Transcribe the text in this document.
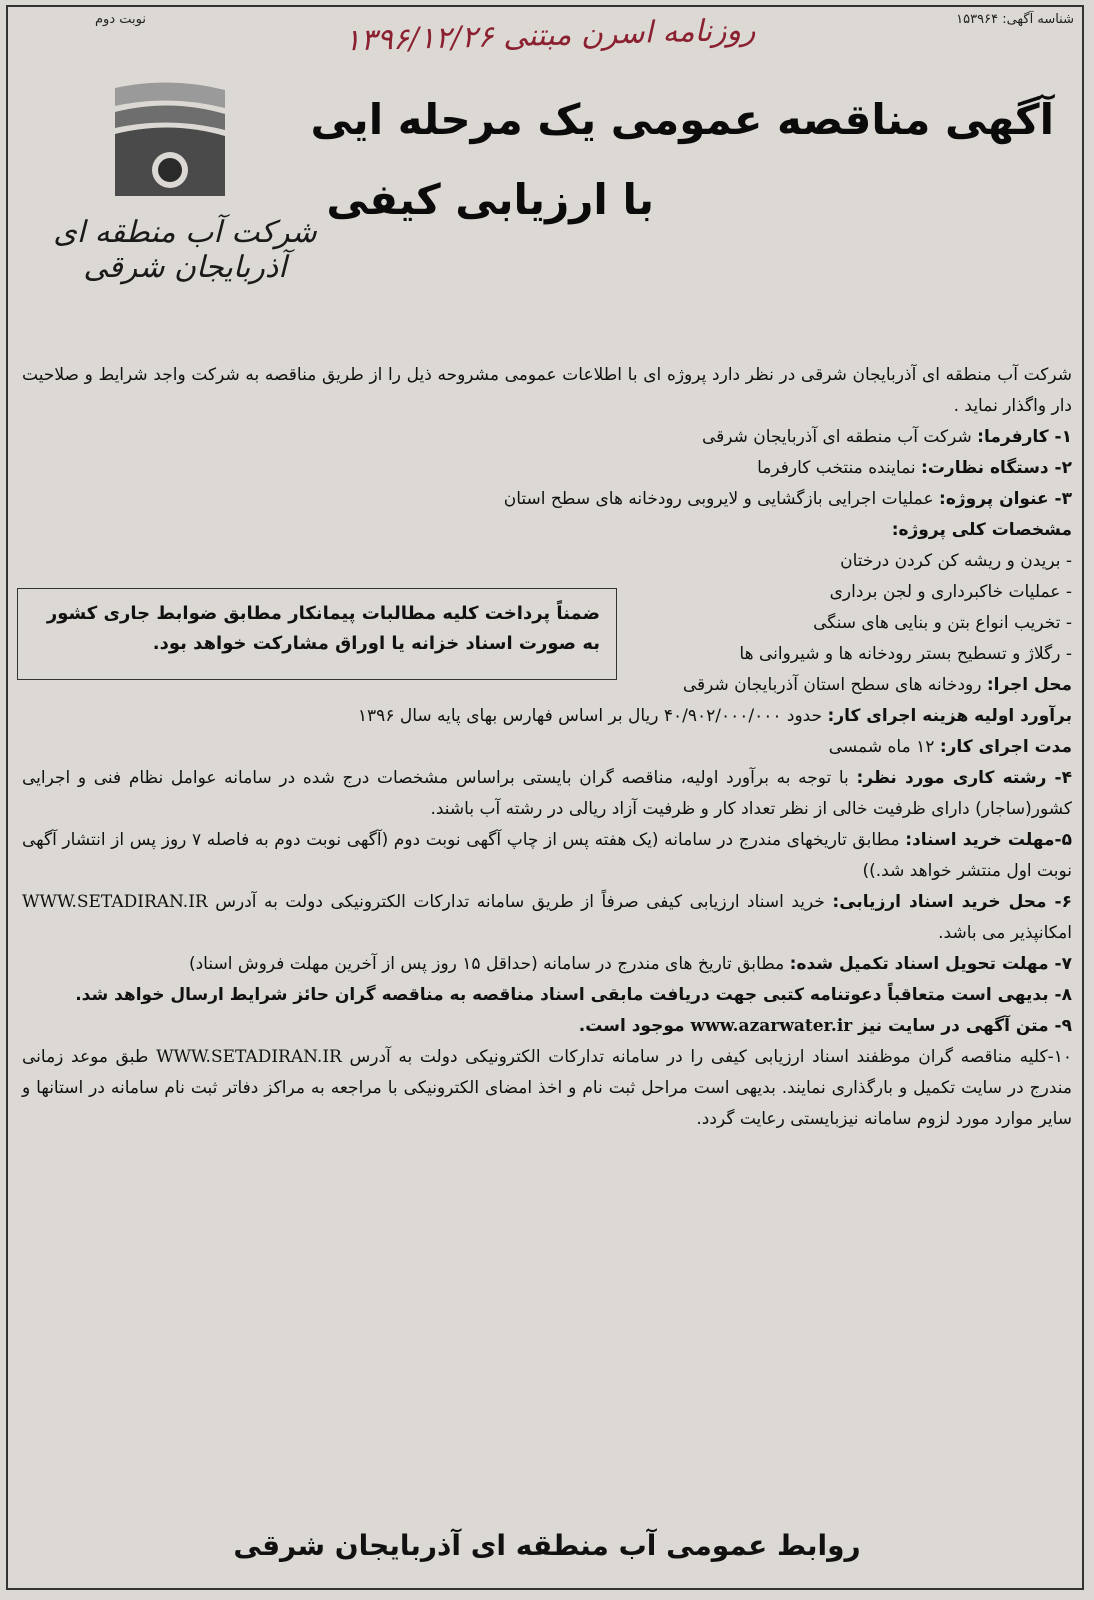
شناسه آگهی: ۱۵۳۹۶۴
نوبت دوم	روزنامه اسرن مبتنی ۱۳۹۶/۱۲/۲۶
آگهی مناقصه عمومی یک مرحله ایی
با ارزیابی کیفی
شرکت آب منطقه ای آذربایجان شرقی

شرکت آب منطقه ای آذربایجان شرقی در نظر دارد پروژه ای با اطلاعات عمومی مشروحه ذیل را از طریق مناقصه به شرکت واجد شرایط و صلاحیت دار واگذار نماید .

۱- کارفرما: شرکت آب منطقه ای آذربایجان شرقی

۲- دستگاه نظارت: نماینده منتخب کارفرما

۳- عنوان پروژه: عملیات اجرایی بازگشایی و لایروبی رودخانه های سطح استان

مشخصات کلی پروژه:

- بریدن و ریشه کن کردن درختان
- عملیات خاکبرداری و لجن برداری
- تخریب انواع بتن و بنایی های سنگی
- رگلاژ و تسطیح بستر رودخانه ها و شیروانی ها

محل اجرا: رودخانه های سطح استان آذربایجان شرقی

برآورد اولیه هزینه اجرای کار: حدود ۴۰/۹۰۲/۰۰۰/۰۰۰ ریال بر اساس فهارس بهای پایه سال ۱۳۹۶

مدت اجرای کار: ۱۲ ماه شمسی

۴- رشته کاری مورد نظر: با توجه به برآورد اولیه، مناقصه گران بایستی براساس مشخصات درج شده در سامانه عوامل نظام فنی و اجرایی کشور(ساجار) دارای ظرفیت خالی از نظر تعداد کار و ظرفیت آزاد ریالی در رشته آب باشند.

۵-مهلت خرید اسناد: مطابق تاریخهای مندرج در سامانه (یک هفته پس از چاپ آگهی نوبت دوم (آگهی نوبت دوم به فاصله ۷ روز پس از انتشار آگهی نوبت اول منتشر خواهد شد.))

۶- محل خرید اسناد ارزیابی: خرید اسناد ارزیابی کیفی صرفاً از طریق سامانه تدارکات الکترونیکی دولت به آدرس WWW.SETADIRAN.IR امکانپذیر می باشد.

۷- مهلت تحویل اسناد تکمیل شده: مطابق تاریخ های مندرج در سامانه (حداقل ۱۵ روز پس از آخرین مهلت فروش اسناد)

۸- بدیهی است متعاقباً دعوتنامه کتبی جهت دریافت مابقی اسناد مناقصه به مناقصه گران حائز شرایط ارسال خواهد شد.

۹- متن آگهی در سایت نیز www.azarwater.ir موجود است.

۱۰-کلیه مناقصه گران موظفند اسناد ارزیابی کیفی را در سامانه تدارکات الکترونیکی دولت به آدرس WWW.SETADIRAN.IR طبق موعد زمانی مندرج در سایت تکمیل و بارگذاری نمایند. بدیهی است مراحل ثبت نام و اخذ امضای الکترونیکی با مراجعه به مراکز دفاتر ثبت نام سامانه در استانها و سایر موارد مورد لزوم سامانه نیزبایستی رعایت گردد.

ضمناً پرداخت کلیه مطالبات پیمانکار مطابق ضوابط جاری کشور به صورت اسناد خزانه یا اوراق مشارکت خواهد بود.
روابط عمومی آب منطقه ای آذربایجان شرقی
